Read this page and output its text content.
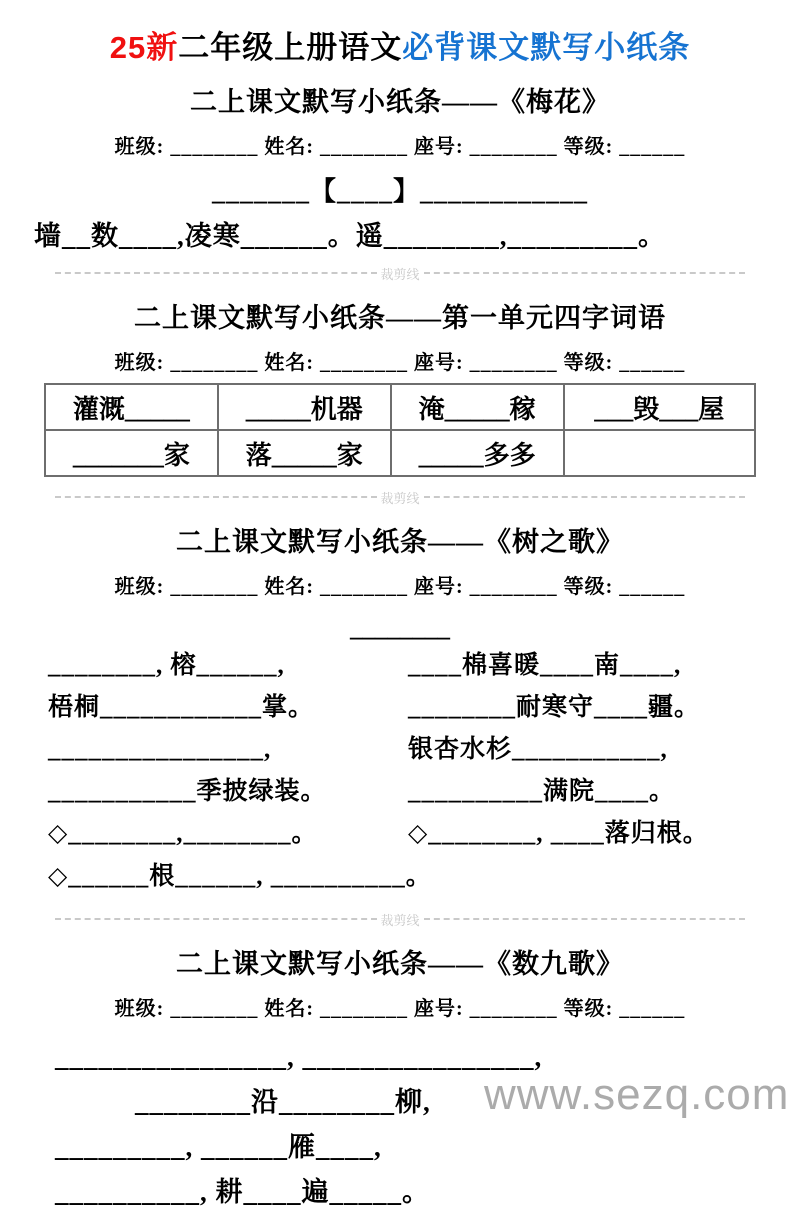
25新二年级上册语文必背课文默写小纸条
二上课文默写小纸条——《梅花》
班级: ________ 姓名: ________ 座号: ________ 等级: ______
_______【____】____________
墙__数____,凌寒______。遥________,_________。
裁剪线
二上课文默写小纸条——第一单元四字词语
班级: ________ 姓名: ________ 座号: ________ 等级: ______
灌溉_____	_____机器	淹_____稼	___毁___屋
_______家	落_____家	_____多多	
裁剪线
二上课文默写小纸条——《树之歌》
班级: ________ 姓名: ________ 座号: ________ 等级: ______
________
________, 榕______,
梧桐____________掌。
________________,
___________季披绿装。
◇________,________。
____棉喜暖____南____,
________耐寒守____疆。
银杏水杉___________,
__________满院____。
◇________, ____落归根。
◇______根______, __________。
裁剪线
二上课文默写小纸条——《数九歌》
班级: ________ 姓名: ________ 座号: ________ 等级: ______
________________, ________________,
________沿________柳,
_________, ______雁____,
__________, 耕____遍_____。
www.sezq.com
